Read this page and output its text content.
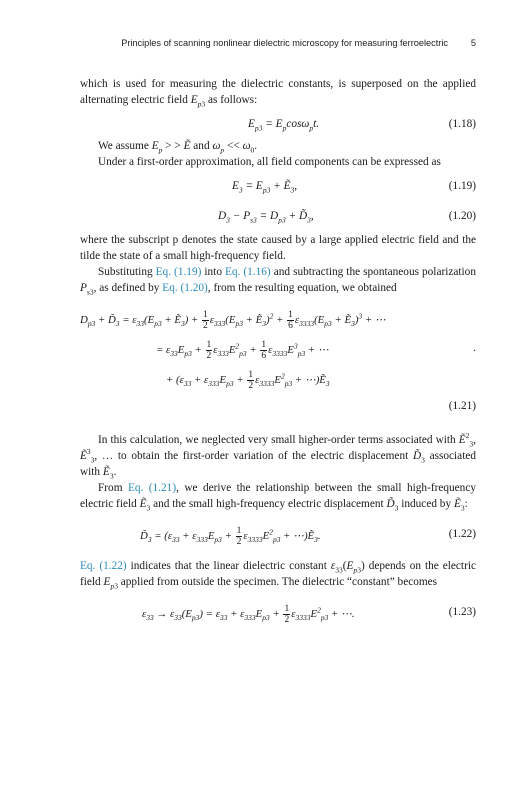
Principles of scanning nonlinear dielectric microscopy for measuring ferroelectric 5

which is used for measuring the dielectric constants, is superposed on the applied alternating electric field $E_{p3}$ as follows:

$E_{p3} = E_p\cos\omega_pt$.	(1.18)

We assume $E_p$ > > Ẽ and $\omega_p << \omega_0$.

Under a first-order approximation, all field components can be expressed as

$E_3 = E_{p3}$ + Ẽ$_3$,	(1.19)
$D_3 - P_{s3} = D_{p3}$ + $D̃_3$,	(1.20)

where the subscript p denotes the state caused by a large applied electric field and the tilde the state of a small high-frequency field.

Substituting Eq. (1.19) into Eq. (1.16) and subtracting the spontaneous polarization $P_{s3}$, as defined by Eq. (1.20), from the resulting equation, we obtained

$D_{p3}$ + $D̃_3 = \varepsilon_{33}(E_{p3}$ + Ẽ$_3$) + $\frac{1}{2} \varepsilon_{333}(E_{p3}$ + Ẽ$_3$)$^2$ + $\frac{1}{6} \varepsilon_{3333}(E_{p3}$ + Ẽ$_3$)$^3$ + ⋯
= $\varepsilon_{33}E_{p3} + \frac{1}{2} \varepsilon_{333}E^2_{p3} + \frac{1}{6} \varepsilon_{3333}E^3_{p3}$ + ⋯	.
+ ($\varepsilon_{33} + \varepsilon_{333}E_{p3} + \frac{1}{2} \varepsilon_{3333}E^2_{p3}$ + ⋯)Ẽ$_3$
(1.21)

In this calculation, we neglected very small higher-order terms associated with Ẽ$^2_3$, Ẽ$^3_3$, … to obtain the first-order variation of the electric displacement $D̃_3$ associated with Ẽ$_3$.

From Eq. (1.21), we derive the relationship between the small high-frequency electric field Ẽ$_3$ and the small high-frequency electric displacement $D̃_3$ induced by Ẽ$_3$:

$D̃_3 = (\varepsilon_{33} + \varepsilon_{333}E_{p3} + \frac{1}{2} \varepsilon_{3333}E^2_{p3}$ + ⋯)Ẽ$_3$.	(1.22)

Eq. (1.22) indicates that the linear dielectric constant $\varepsilon_{33}(E_{p3})$ depends on the electric field $E_{p3}$ applied from outside the specimen. The dielectric “constant” becomes

$\varepsilon_{33} \to \varepsilon_{33}(E_{p3}) = \varepsilon_{33} + \varepsilon_{333}E_{p3} + \frac{1}{2} \varepsilon_{3333}E^2_{p3}$ + ⋯.	(1.23)
